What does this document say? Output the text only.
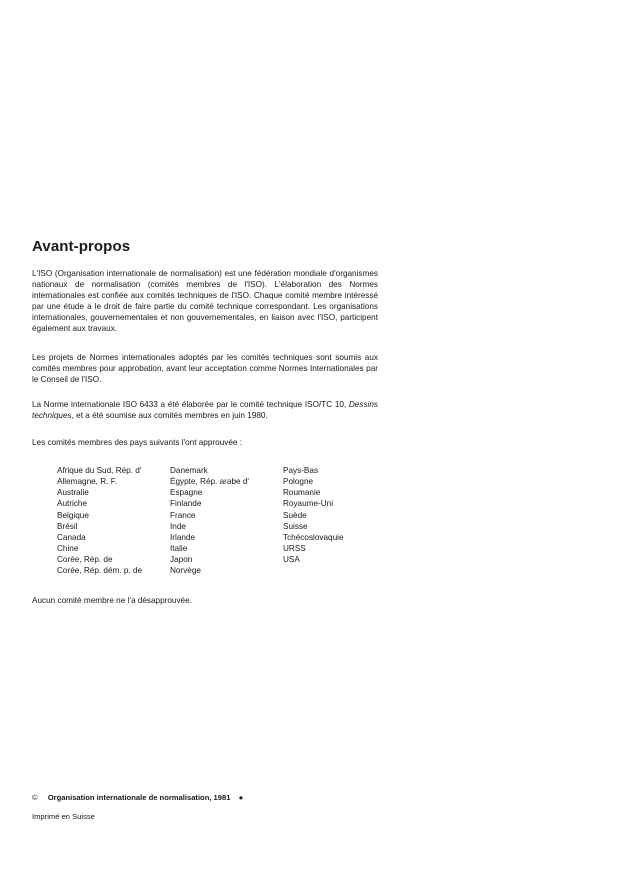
Avant-propos

L'ISO (Organisation internationale de normalisation) est une fédération mondiale d'organismes nationaux de normalisation (comités membres de l'ISO). L'élaboration des Normes internationales est confiée aux comités techniques de l'ISO. Chaque comité membre intéressé par une étude a le droit de faire partie du comité technique correspondant. Les organisations internationales, gouvernementales et non gouvernementales, en liaison avec l'ISO, participent également aux travaux.

Les projets de Normes internationales adoptés par les comités techniques sont soumis aux comités membres pour approbation, avant leur acceptation comme Normes Internationales par le Conseil de l'ISO.

La Norme internationale ISO 6433 a été élaborée par le comité technique ISO/TC 10, Dessins techniques, et a été soumise aux comités membres en juin 1980.

Les comités membres des pays suivants l'ont approuvée :

Afrique du Sud, Rép. d'
Allemagne, R. F.
Australie
Autriche
Belgique
Brésil
Canada
Chine
Corée, Rép. de
Corée, Rép. dém. p. de
Danemark
Égypte, Rép. arabe d'
Espagne
Finlande
France
Inde
Irlande
Italie
Japon
Norvège
Pays-Bas
Pologne
Roumanie
Royaume-Uni
Suède
Suisse
Tchécoslovaquie
URSS
USA

Aucun comité membre ne l'a désapprouvée.

© Organisation internationale de normalisation, 1981 ●
Imprimé en Suisse
